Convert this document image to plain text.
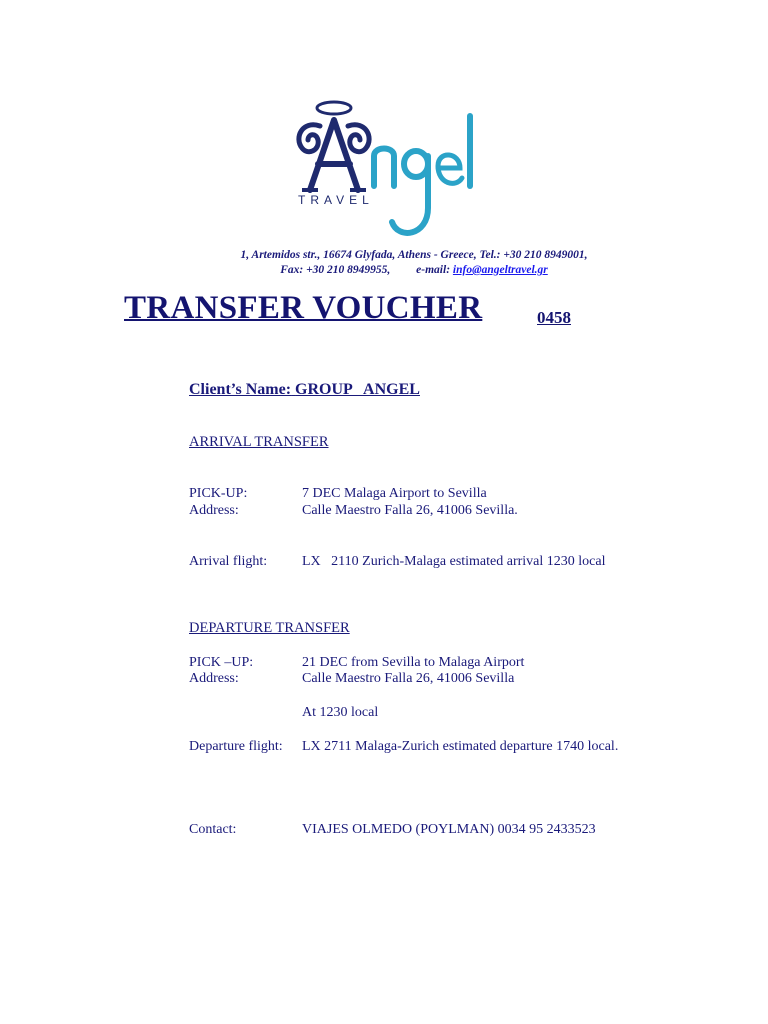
TRAVEL
1, Artemidos str., 16674 Glyfada, Athens - Greece, Tel.: +30 210 8949001,
Fax: +30 210 8949955, e-mail: info@angeltravel.gr
TRANSFER VOUCHER	0458
Client’s Name: GROUP   ANGEL
ARRIVAL TRANSFER
PICK-UP:	7 DEC Malaga Airport to Sevilla
Address:	Calle Maestro Falla 26, 41006 Sevilla.
Arrival flight: LX   2110 Zurich-Malaga estimated arrival 1230 local
DEPARTURE TRANSFER
PICK –UP:	21 DEC from Sevilla to Malaga Airport
Address:	Calle Maestro Falla 26, 41006 Sevilla
At 1230 local
Departure flight: LX 2711 Malaga-Zurich estimated departure 1740 local.
Contact:	VIAJES OLMEDO (POYLMAN) 0034 95 2433523
